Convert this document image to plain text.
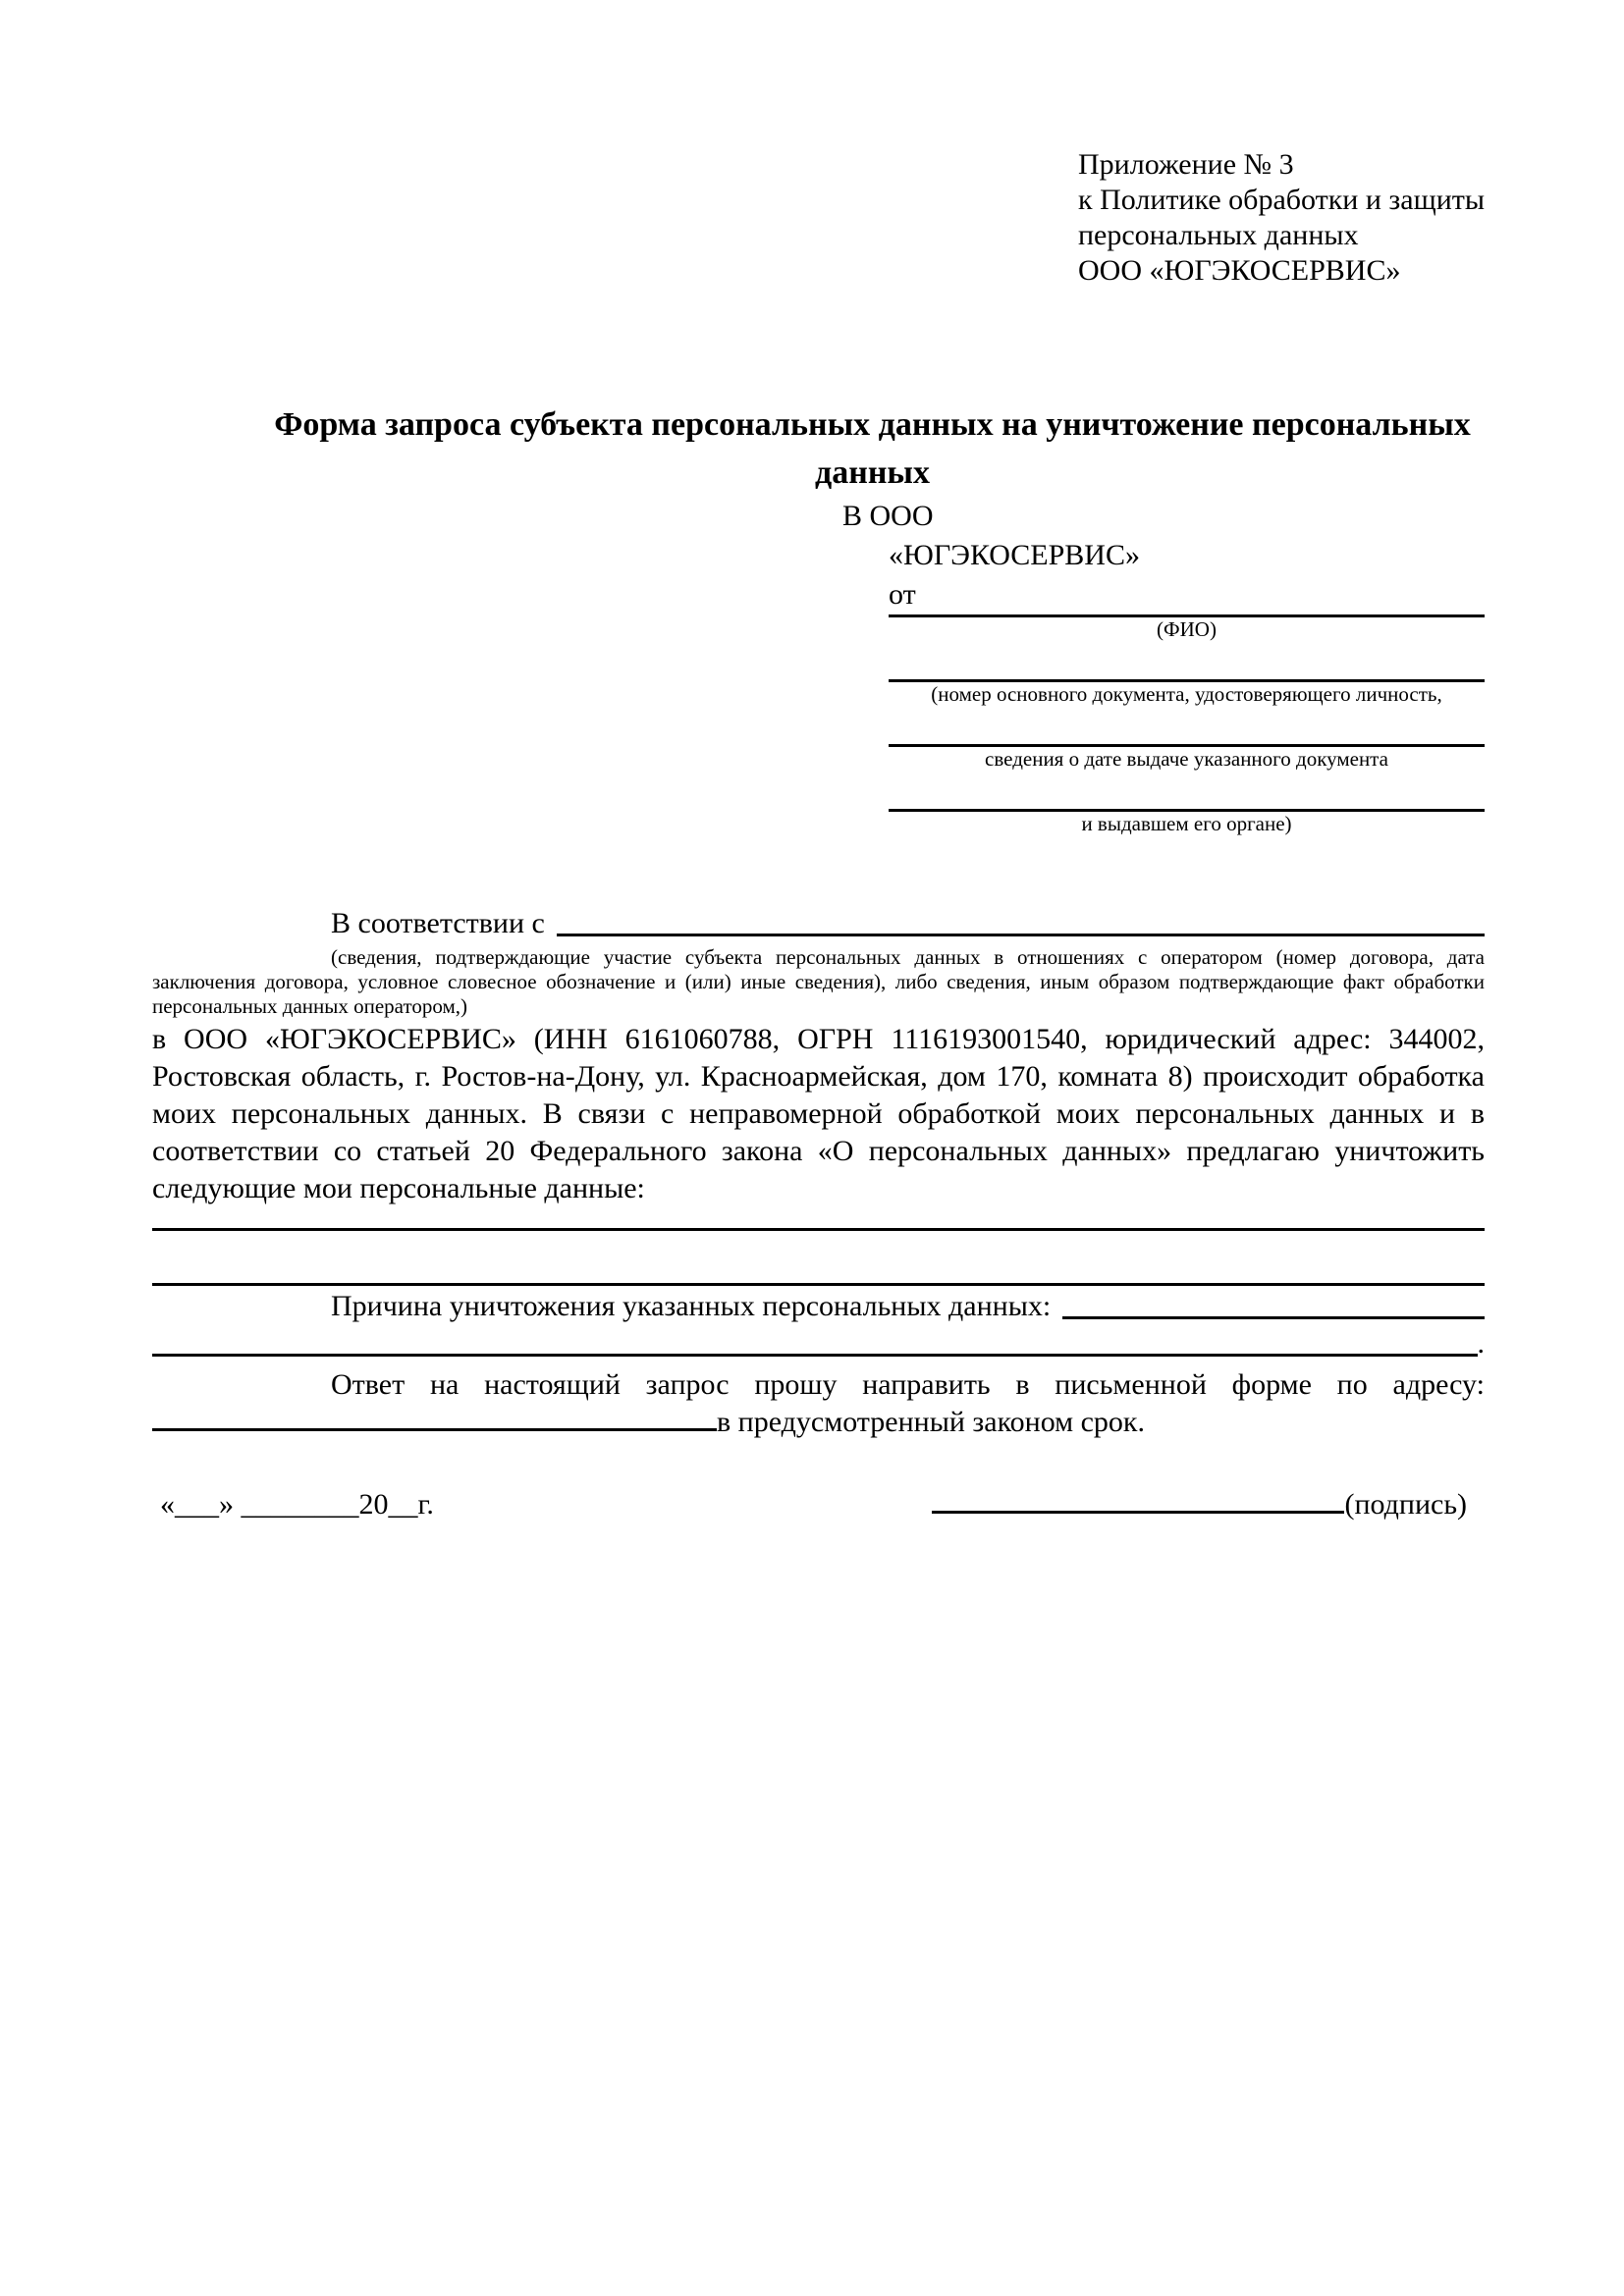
Приложение № 3
к Политике обработки и защиты
персональных данных
ООО «ЮГЭКОСЕРВИС»
Форма запроса субъекта персональных данных на уничтожение персональных данных
В ООО
«ЮГЭКОСЕРВИС»
от
(ФИО)
(номер основного документа, удостоверяющего личность,
сведения о дате выдаче указанного документа
и выдавшем его органе)
В соответствии с
(сведения, подтверждающие участие субъекта персональных данных в отношениях с оператором (номер договора, дата заключения договора, условное словесное обозначение и (или) иные сведения), либо сведения, иным образом подтверждающие факт обработки персональных данных оператором,)
в ООО «ЮГЭКОСЕРВИС» (ИНН 6161060788, ОГРН 1116193001540, юридический адрес: 344002, Ростовская область, г. Ростов-на-Дону, ул. Красноармейская, дом 170, комната 8) происходит обработка моих персональных данных. В связи с неправомерной обработкой моих персональных данных и в соответствии со статьей 20 Федерального закона «О персональных данных» предлагаю уничтожить следующие мои персональные данные:
Причина уничтожения указанных персональных данных:
.
Ответ на настоящий запрос прошу направить в письменной форме по адресу: в предусмотренный законом срок.
«___» ________20__г.	(подпись)
